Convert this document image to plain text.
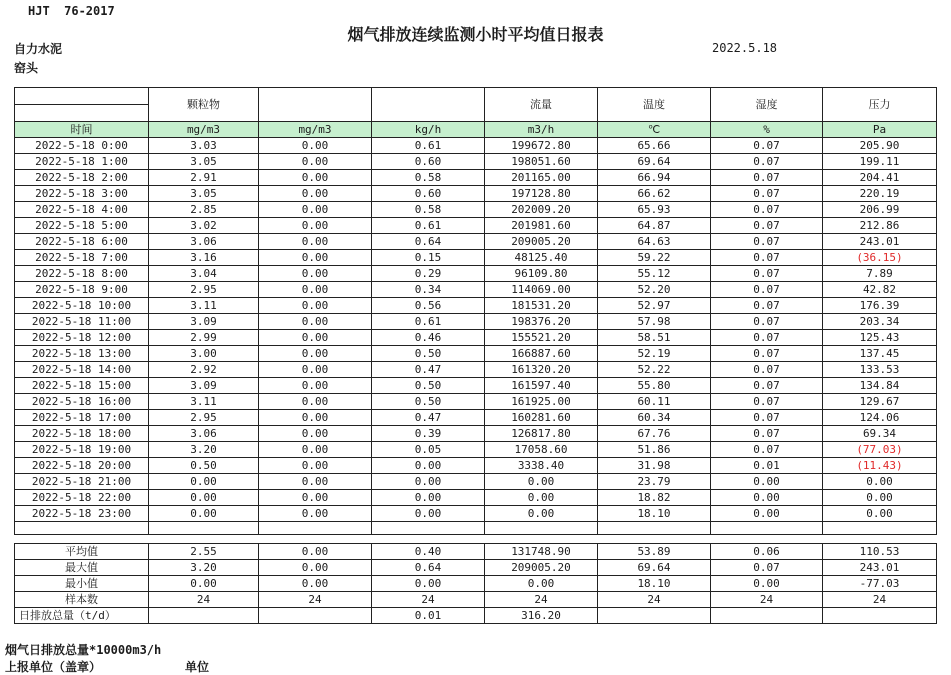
HJT  76-2017
烟气排放连续监测小时平均值日报表
2022.5.18
自力水泥
窑头
	颗粒物			流量	温度	湿度	压力

时间	mg/m3	mg/m3	kg/h	m3/h	℃	%	Pa
2022-5-18 0:00	3.03	0.00	0.61	199672.80	65.66	0.07	205.90
2022-5-18 1:00	3.05	0.00	0.60	198051.60	69.64	0.07	199.11
2022-5-18 2:00	2.91	0.00	0.58	201165.00	66.94	0.07	204.41
2022-5-18 3:00	3.05	0.00	0.60	197128.80	66.62	0.07	220.19
2022-5-18 4:00	2.85	0.00	0.58	202009.20	65.93	0.07	206.99
2022-5-18 5:00	3.02	0.00	0.61	201981.60	64.87	0.07	212.86
2022-5-18 6:00	3.06	0.00	0.64	209005.20	64.63	0.07	243.01
2022-5-18 7:00	3.16	0.00	0.15	48125.40	59.22	0.07	(36.15)
2022-5-18 8:00	3.04	0.00	0.29	96109.80	55.12	0.07	7.89
2022-5-18 9:00	2.95	0.00	0.34	114069.00	52.20	0.07	42.82
2022-5-18 10:00	3.11	0.00	0.56	181531.20	52.97	0.07	176.39
2022-5-18 11:00	3.09	0.00	0.61	198376.20	57.98	0.07	203.34
2022-5-18 12:00	2.99	0.00	0.46	155521.20	58.51	0.07	125.43
2022-5-18 13:00	3.00	0.00	0.50	166887.60	52.19	0.07	137.45
2022-5-18 14:00	2.92	0.00	0.47	161320.20	52.22	0.07	133.53
2022-5-18 15:00	3.09	0.00	0.50	161597.40	55.80	0.07	134.84
2022-5-18 16:00	3.11	0.00	0.50	161925.00	60.11	0.07	129.67
2022-5-18 17:00	2.95	0.00	0.47	160281.60	60.34	0.07	124.06
2022-5-18 18:00	3.06	0.00	0.39	126817.80	67.76	0.07	69.34
2022-5-18 19:00	3.20	0.00	0.05	17058.60	51.86	0.07	(77.03)
2022-5-18 20:00	0.50	0.00	0.00	3338.40	31.98	0.01	(11.43)
2022-5-18 21:00	0.00	0.00	0.00	0.00	23.79	0.00	0.00
2022-5-18 22:00	0.00	0.00	0.00	0.00	18.82	0.00	0.00
2022-5-18 23:00	0.00	0.00	0.00	0.00	18.10	0.00	0.00

平均值	2.55	0.00	0.40	131748.90	53.89	0.06	110.53
最大值	3.20	0.00	0.64	209005.20	69.64	0.07	243.01
最小值	0.00	0.00	0.00	0.00	18.10	0.00	-77.03
样本数	24	24	24	24	24	24	24
日排放总量（t/d）			0.01	316.20			
烟气日排放总量*10000m3/h
上报单位（盖章）	单位
